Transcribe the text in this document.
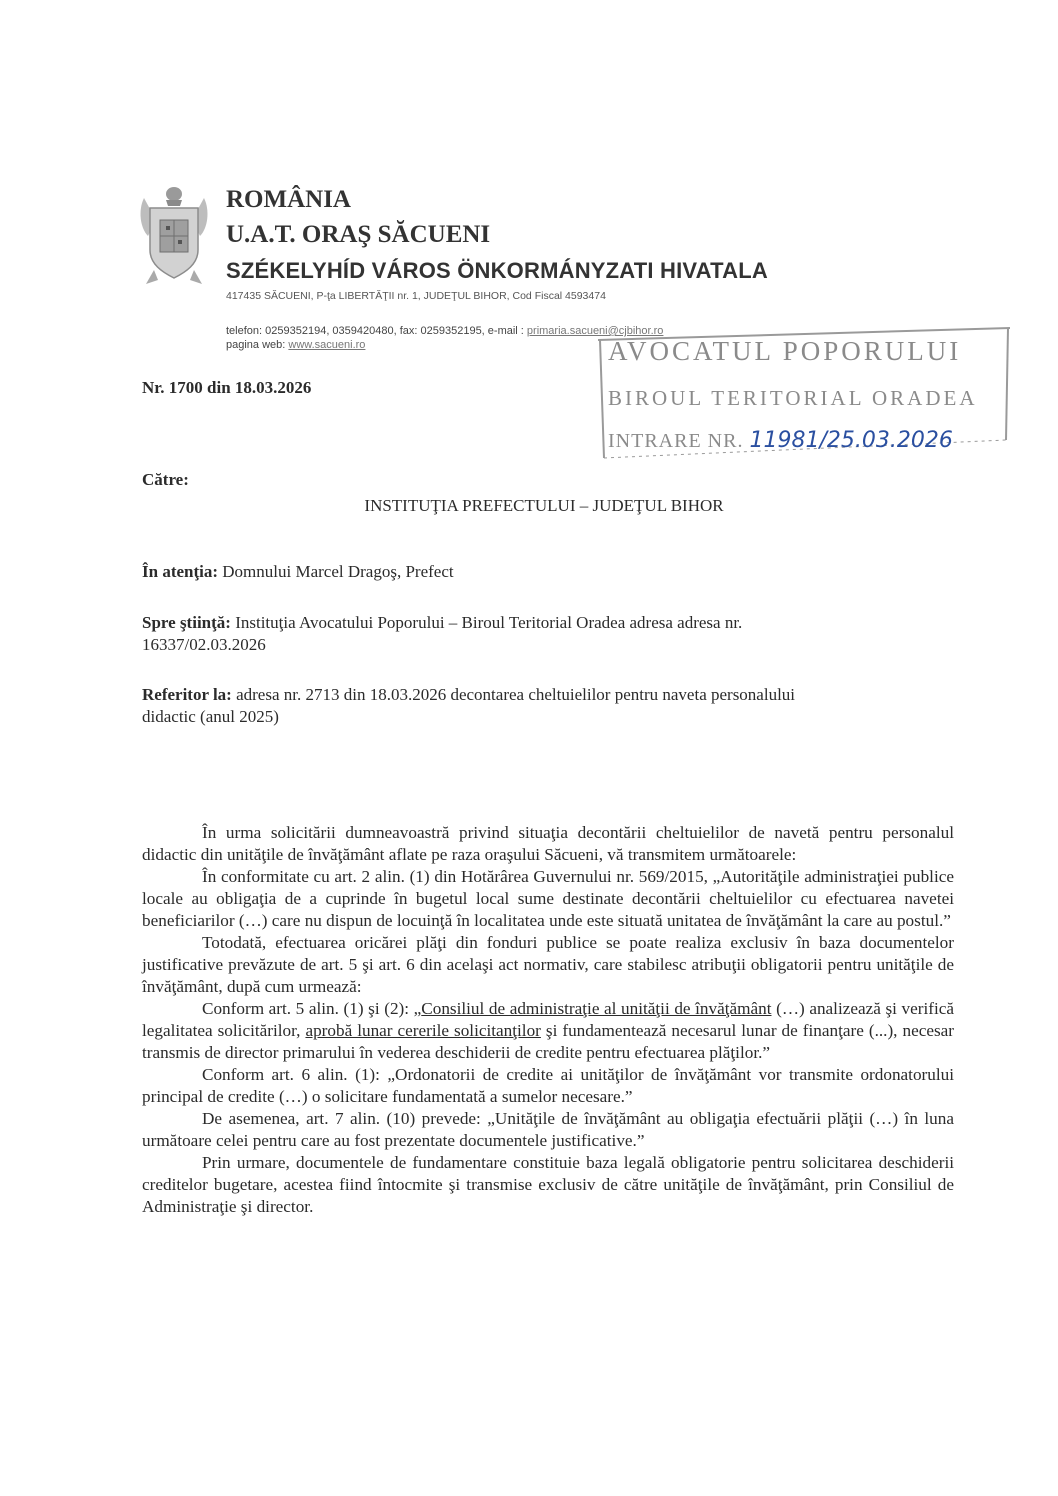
ROMÂNIA
U.A.T. ORAŞ SĂCUENI
SZÉKELYHÍD VÁROS ÖNKORMÁNYZATI HIVATALA
417435 SĂCUENI, P-ţa LIBERTĂŢII nr. 1, JUDEŢUL BIHOR, Cod Fiscal 4593474
telefon: 0259352194, 0359420480, fax: 0259352195, e-mail : primaria.sacueni@cjbihor.ro
pagina web: www.sacueni.ro
Nr. 1700 din 18.03.2026
AVOCATUL POPORULUI
BIROUL TERITORIAL ORADEA
INTRARE NR. 11981/25.03.2026
Către:
INSTITUŢIA PREFECTULUI – JUDEŢUL BIHOR
În atenţia: Domnului Marcel Dragoş, Prefect
Spre ştiinţă: Instituţia Avocatului Poporului – Biroul Teritorial Oradea adresa adresa nr.
16337/02.03.2026
Referitor la: adresa nr. 2713 din 18.03.2026 decontarea cheltuielilor pentru naveta personalului
didactic (anul 2025)

În urma solicitării dumneavoastră privind situaţia decontării cheltuielilor de navetă pentru personalul didactic din unităţile de învăţământ aflate pe raza oraşului Săcueni, vă transmitem următoarele:

În conformitate cu art. 2 alin. (1) din Hotărârea Guvernului nr. 569/2015, „Autorităţile administraţiei publice locale au obligaţia de a cuprinde în bugetul local sume destinate decontării cheltuielilor cu efectuarea navetei beneficiarilor (…) care nu dispun de locuinţă în localitatea unde este situată unitatea de învăţământ la care au postul.”

Totodată, efectuarea oricărei plăţi din fonduri publice se poate realiza exclusiv în baza documentelor justificative prevăzute de art. 5 şi art. 6 din acelaşi act normativ, care stabilesc atribuţii obligatorii pentru unităţile de învăţământ, după cum urmează:

Conform art. 5 alin. (1) şi (2): „Consiliul de administraţie al unităţii de învăţământ (…) analizează şi verifică legalitatea solicitărilor, aprobă lunar cererile solicitanţilor şi fundamentează necesarul lunar de finanţare (...), necesar transmis de director primarului în vederea deschiderii de credite pentru efectuarea plăţilor.”

Conform art. 6 alin. (1): „Ordonatorii de credite ai unităţilor de învăţământ vor transmite ordonatorului principal de credite (…) o solicitare fundamentată a sumelor necesare.”

De asemenea, art. 7 alin. (10) prevede: „Unităţile de învăţământ au obligaţia efectuării plăţii (…) în luna următoare celei pentru care au fost prezentate documentele justificative.”

Prin urmare, documentele de fundamentare constituie baza legală obligatorie pentru solicitarea deschiderii creditelor bugetare, acestea fiind întocmite şi transmise exclusiv de către unităţile de învăţământ, prin Consiliul de Administraţie şi director.
